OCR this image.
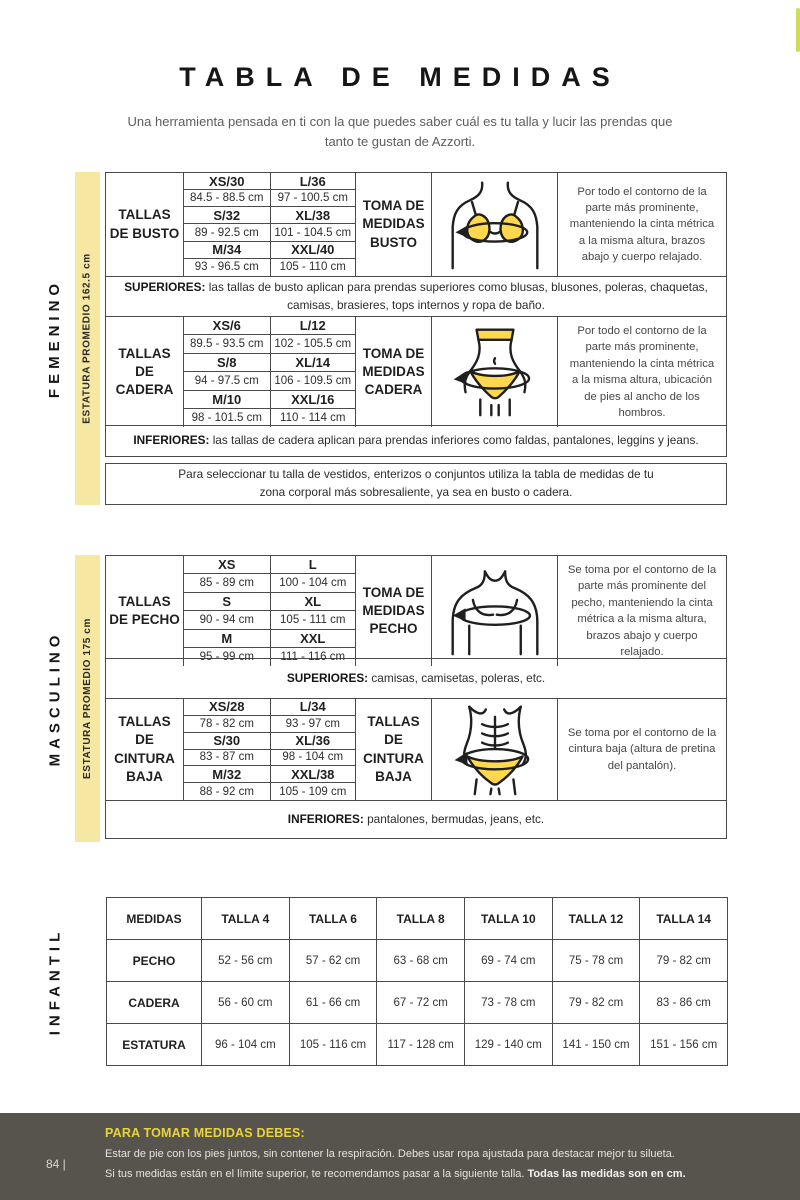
TABLA DE MEDIDAS

Una herramienta pensada en ti con la que puedes saber cuál es tu talla y lucir las prendas que tanto te gustan de Azzorti.

FEMENINO ESTATURA PROMEDIO 162.5 cm
TALLAS DE BUSTO
XS/30	L/36
84.5 - 88.5 cm	97 - 100.5 cm
S/32	XL/38
89 - 92.5 cm	101 - 104.5 cm
M/34	XXL/40
93 - 96.5 cm	105 - 110 cm
TOMA DE MEDIDAS BUSTO
Por todo el contorno de la parte más prominente, manteniendo la cinta métrica a la misma altura, brazos abajo y cuerpo relajado.
SUPERIORES: las tallas de busto aplican para prendas superiores como blusas, blusones, poleras, chaquetas, camisas, brasieres, tops internos y ropa de baño.
TALLAS DE CADERA
XS/6	L/12
89.5 - 93.5 cm 102 - 105.5 cm
S/8	XL/14
94 - 97.5 cm	106 - 109.5 cm
M/10	XXL/16
98 - 101.5 cm	110 - 114 cm
TOMA DE MEDIDAS CADERA
Por todo el contorno de la parte más prominente, manteniendo la cinta métrica a la misma altura, ubicación de pies al ancho de los hombros.
INFERIORES: las tallas de cadera aplican para prendas inferiores como faldas, pantalones, leggins y jeans.
Para seleccionar tu talla de vestidos, enterizos o conjuntos utiliza la tabla de medidas de tu zona corporal más sobresaliente, ya sea en busto o cadera.
MASCULINO ESTATURA PROMEDIO 175 cm
TALLAS DE PECHO
XS	L
85 - 89 cm	100 - 104 cm
S	XL
90 - 94 cm	105 - 111 cm
M	XXL
95 - 99 cm	111 - 116 cm
TOMA DE MEDIDAS PECHO
Se toma por el contorno de la parte más prominente del pecho, manteniendo la cinta métrica a la misma altura, brazos abajo y cuerpo relajado.
SUPERIORES: camisas, camisetas, poleras, etc.
TALLAS DE CINTURA BAJA
XS/28	L/34
78 - 82 cm	93 - 97 cm
S/30	XL/36
83 - 87 cm	98 - 104 cm
M/32	XXL/38
88 - 92 cm	105 - 109 cm
TALLAS DE CINTURA BAJA
Se toma por el contorno de la cintura baja (altura de pretina del pantalón).
INFERIORES: pantalones, bermudas, jeans, etc.
INFANTIL
MEDIDAS	TALLA 4	TALLA 6	TALLA 8	TALLA 10	TALLA 12	TALLA 14
PECHO	52 - 56 cm	57 - 62 cm	63 - 68 cm	69 - 74 cm	75 - 78 cm	79 - 82 cm
CADERA	56 - 60 cm	61 - 66 cm	67 - 72 cm	73 - 78 cm	79 - 82 cm	83 - 86 cm
ESTATURA	96 - 104 cm	105 - 116 cm	117 - 128 cm	129 - 140 cm	141 - 150 cm	151 - 156 cm
84 |

PARA TOMAR MEDIDAS DEBES:

Estar de pie con los pies juntos, sin contener la respiración. Debes usar ropa ajustada para destacar mejor tu silueta.

Si tus medidas están en el límite superior, te recomendamos pasar a la siguiente talla. Todas las medidas son en cm.
